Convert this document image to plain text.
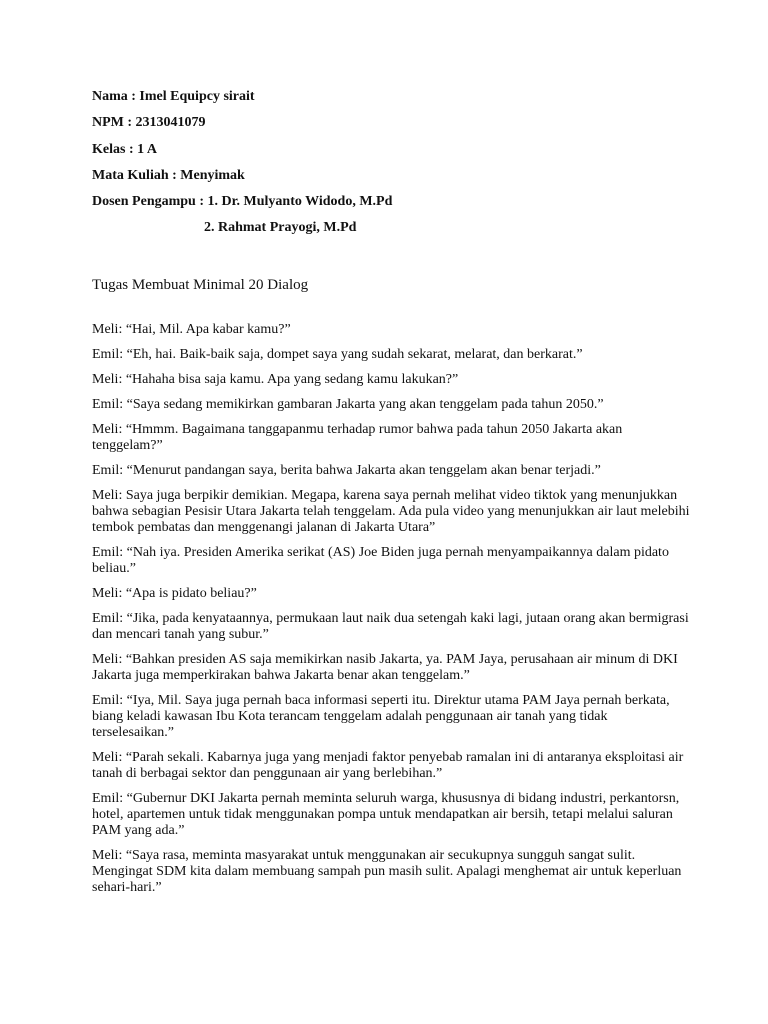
Nama : Imel Equipcy sirait
NPM : 2313041079
Kelas : 1 A
Mata Kuliah : Menyimak
Dosen Pengampu : 1. Dr. Mulyanto Widodo, M.Pd
2. Rahmat Prayogi, M.Pd
Tugas Membuat Minimal 20 Dialog

Meli: “Hai, Mil. Apa kabar kamu?”

Emil: “Eh, hai. Baik-baik saja, dompet saya yang sudah sekarat, melarat, dan berkarat.”

Meli: “Hahaha bisa saja kamu. Apa yang sedang kamu lakukan?”

Emil: “Saya sedang memikirkan gambaran Jakarta yang akan tenggelam pada tahun 2050.”

Meli: “Hmmm. Bagaimana tanggapanmu terhadap rumor bahwa pada tahun 2050 Jakarta akan tenggelam?”

Emil: “Menurut pandangan saya, berita bahwa Jakarta akan tenggelam akan benar terjadi.”

Meli: Saya juga berpikir demikian. Megapa, karena saya pernah melihat video tiktok yang menunjukkan bahwa sebagian Pesisir Utara Jakarta telah tenggelam. Ada pula video yang menunjukkan air laut melebihi tembok pembatas dan menggenangi jalanan di Jakarta Utara”

Emil: “Nah iya. Presiden Amerika serikat (AS) Joe Biden juga pernah menyampaikannya dalam pidato beliau.”

Meli: “Apa is pidato beliau?”

Emil: “Jika, pada kenyataannya, permukaan laut naik dua setengah kaki lagi, jutaan orang akan bermigrasi dan mencari tanah yang subur.”

Meli: “Bahkan presiden AS saja memikirkan nasib Jakarta, ya. PAM Jaya, perusahaan air minum di DKI Jakarta juga memperkirakan bahwa Jakarta benar akan tenggelam.”

Emil: “Iya, Mil. Saya juga pernah baca informasi seperti itu. Direktur utama PAM Jaya pernah berkata, biang keladi kawasan Ibu Kota terancam tenggelam adalah penggunaan air tanah yang tidak terselesaikan.”

Meli: “Parah sekali. Kabarnya juga yang menjadi faktor penyebab ramalan ini di antaranya eksploitasi air tanah di berbagai sektor dan penggunaan air yang berlebihan.”

Emil: “Gubernur DKI Jakarta pernah meminta seluruh warga, khususnya di bidang industri, perkantorsn, hotel, apartemen untuk tidak menggunakan pompa untuk mendapatkan air bersih, tetapi melalui saluran PAM yang ada.”

Meli: “Saya rasa, meminta masyarakat untuk menggunakan air secukupnya sungguh sangat sulit. Mengingat SDM kita dalam membuang sampah pun masih sulit. Apalagi menghemat air untuk keperluan sehari-hari.”
